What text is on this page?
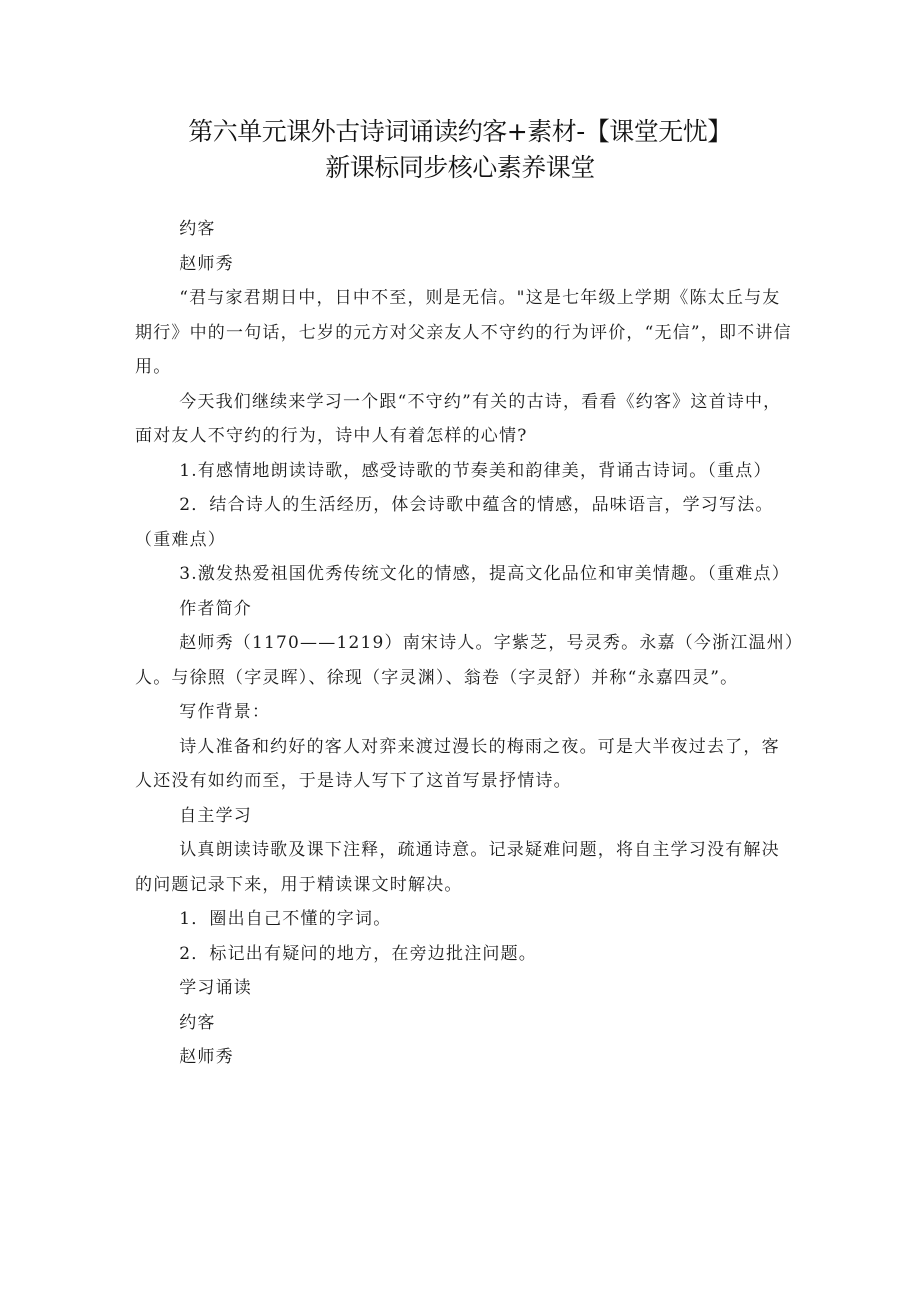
第六单元课外古诗词诵读约客+素材-【课堂无忧】
新课标同步核心素养课堂

约客

赵师秀

“君与家君期日中，日中不至，则是无信。"这是七年级上学期《陈太丘与友期行》中的一句话，七岁的元方对父亲友人不守约的行为评价，“无信”，即不讲信用。

今天我们继续来学习一个跟“不守约”有关的古诗，看看《约客》这首诗中，面对友人不守约的行为，诗中人有着怎样的心情?

1.有感情地朗读诗歌，感受诗歌的节奏美和韵律美，背诵古诗词。（重点）

2．结合诗人的生活经历，体会诗歌中蕴含的情感，品味语言，学习写法。（重难点）

3.激发热爱祖国优秀传统文化的情感，提高文化品位和审美情趣。（重难点）

作者简介

赵师秀（1170——1219）南宋诗人。字紫芝，号灵秀。永嘉（今浙江温州）人。与徐照（字灵晖）、徐现（字灵渊）、翁卷（字灵舒）并称“永嘉四灵”。

写作背景：

诗人准备和约好的客人对弈来渡过漫长的梅雨之夜。可是大半夜过去了，客人还没有如约而至，于是诗人写下了这首写景抒情诗。

自主学习

认真朗读诗歌及课下注释，疏通诗意。记录疑难问题，将自主学习没有解决的问题记录下来，用于精读课文时解决。

1．圈出自己不懂的字词。

2．标记出有疑问的地方，在旁边批注问题。

学习诵读

约客

赵师秀
